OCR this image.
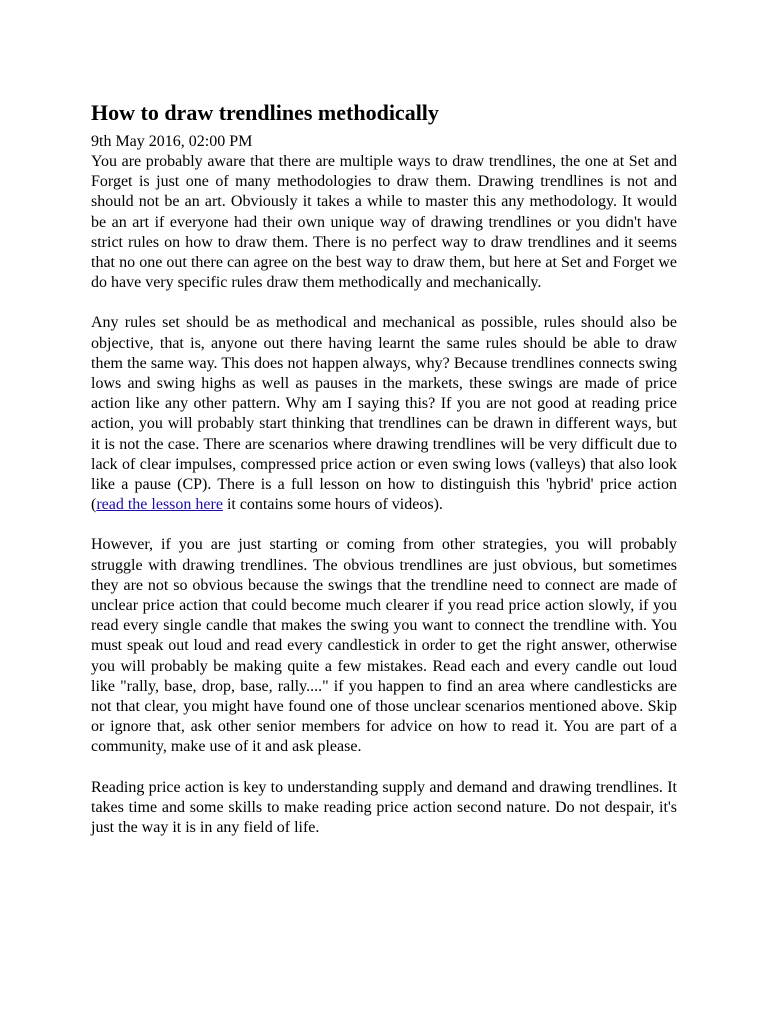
How to draw trendlines methodically
9th May 2016, 02:00 PM

You are probably aware that there are multiple ways to draw trendlines, the one at Set and Forget is just one of many methodologies to draw them. Drawing trendlines is not and should not be an art. Obviously it takes a while to master this any methodology. It would be an art if everyone had their own unique way of drawing trendlines or you didn't have strict rules on how to draw them. There is no perfect way to draw trendlines and it seems that no one out there can agree on the best way to draw them, but here at Set and Forget we do have very specific rules draw them methodically and mechanically.

Any rules set should be as methodical and mechanical as possible, rules should also be objective, that is, anyone out there having learnt the same rules should be able to draw them the same way. This does not happen always, why? Because trendlines connects swing lows and swing highs as well as pauses in the markets, these swings are made of price action like any other pattern. Why am I saying this? If you are not good at reading price action, you will probably start thinking that trendlines can be drawn in different ways, but it is not the case. There are scenarios where drawing trendlines will be very difficult due to lack of clear impulses, compressed price action or even swing lows (valleys) that also look like a pause (CP). There is a full lesson on how to distinguish this 'hybrid' price action (read the lesson here it contains some hours of videos).

However, if you are just starting or coming from other strategies, you will probably struggle with drawing trendlines. The obvious trendlines are just obvious, but sometimes they are not so obvious because the swings that the trendline need to connect are made of unclear price action that could become much clearer if you read price action slowly, if you read every single candle that makes the swing you want to connect the trendline with. You must speak out loud and read every candlestick in order to get the right answer, otherwise you will probably be making quite a few mistakes. Read each and every candle out loud like "rally, base, drop, base, rally...." if you happen to find an area where candlesticks are not that clear, you might have found one of those unclear scenarios mentioned above. Skip or ignore that, ask other senior members for advice on how to read it. You are part of a community, make use of it and ask please.

Reading price action is key to understanding supply and demand and drawing trendlines. It takes time and some skills to make reading price action second nature. Do not despair, it's just the way it is in any field of life.
